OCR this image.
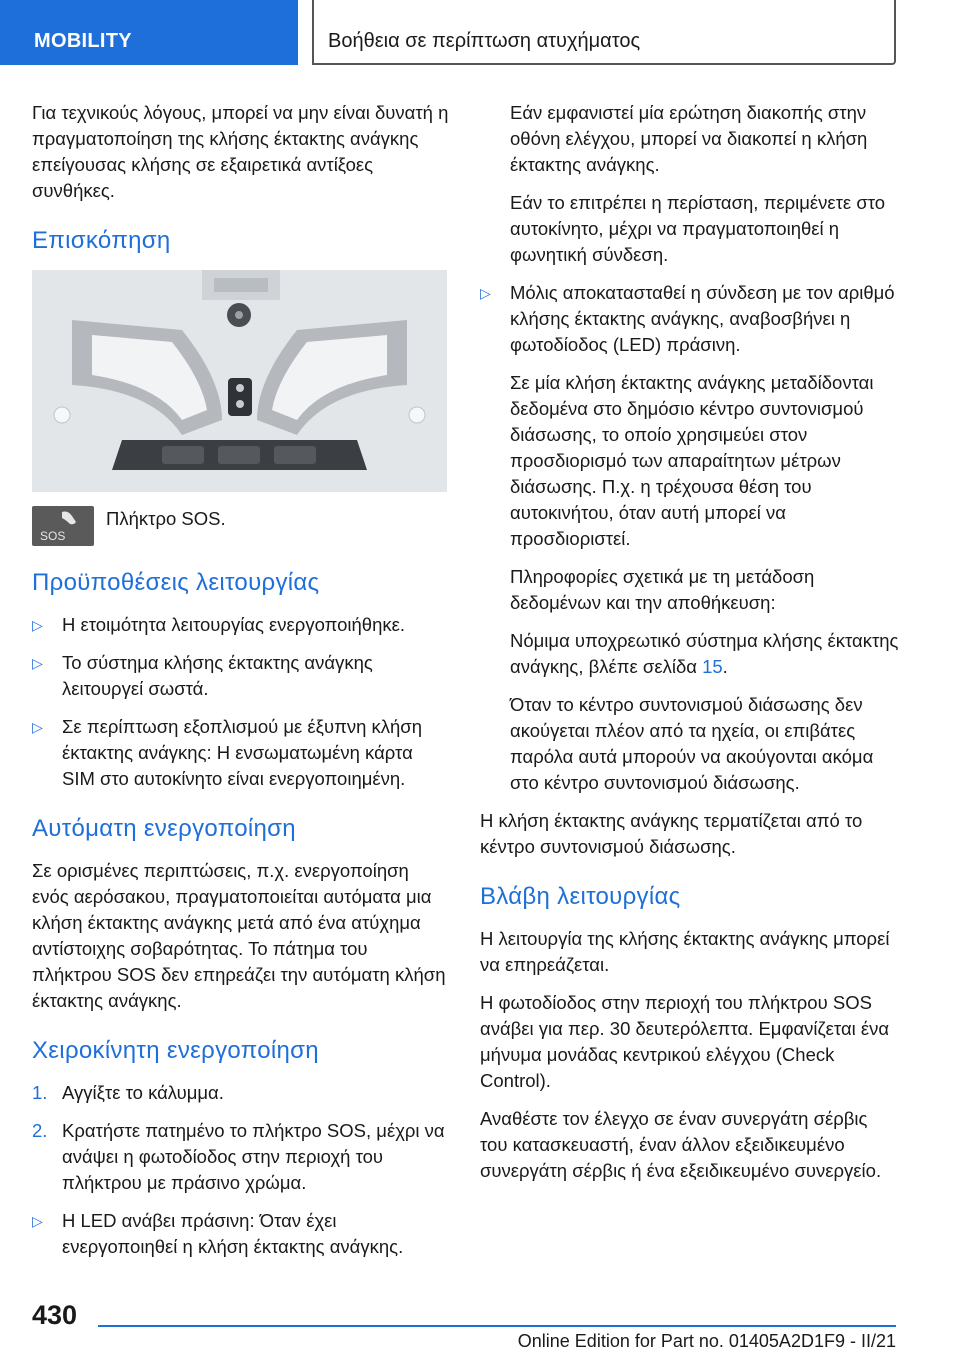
MOBILITY	Βοήθεια σε περίπτωση ατυχήματος

Για τεχνικούς λόγους, μπορεί να μην είναι δυνατή η πραγματοποίηση της κλήσης έκτακτης ανάγκης επείγουσας κλήσης σε εξαιρετικά αντίξοες συνθήκες.

Επισκόπηση
SOS
Πλήκτρο SOS.
Προϋποθέσεις λειτουργίας
▷ Η ετοιμότητα λειτουργίας ενεργοποιήθηκε.
▷ Το σύστημα κλήσης έκτακτης ανάγκης λειτουργεί σωστά.
▷ Σε περίπτωση εξοπλισμού με έξυπνη κλήση έκτακτης ανάγκης: Η ενσωματωμένη κάρτα SIM στο αυτοκίνητο είναι ενεργοποιημένη.
Αυτόματη ενεργοποίηση

Σε ορισμένες περιπτώσεις, π.χ. ενεργοποίηση ενός αερόσακου, πραγματοποιείται αυτόματα μια κλήση έκτακτης ανάγκης μετά από ένα ατύχημα αντίστοιχης σοβαρότητας. Το πάτημα του πλήκτρου SOS δεν επηρεάζει την αυτόματη κλήση έκτακτης ανάγκης.

Χειροκίνητη ενεργοποίηση
1. Αγγίξτε το κάλυμμα.
2. Κρατήστε πατημένο το πλήκτρο SOS, μέχρι να ανάψει η φωτοδίοδος στην περιοχή του πλήκτρου με πράσινο χρώμα.
▷ Η LED ανάβει πράσινη: Όταν έχει ενεργοποιηθεί η κλήση έκτακτης ανάγκης.

Εάν εμφανιστεί μία ερώτηση διακοπής στην οθόνη ελέγχου, μπορεί να διακοπεί η κλήση έκτακτης ανάγκης.

Εάν το επιτρέπει η περίσταση, περιμένετε στο αυτοκίνητο, μέχρι να πραγματοποιηθεί η φωνητική σύνδεση.

▷ Μόλις αποκατασταθεί η σύνδεση με τον αριθμό κλήσης έκτακτης ανάγκης, αναβοσβήνει η φωτοδίοδος (LED) πράσινη.

Σε μία κλήση έκτακτης ανάγκης μεταδίδονται δεδομένα στο δημόσιο κέντρο συντονισμού διάσωσης, το οποίο χρησιμεύει στον προσδιορισμό των απαραίτητων μέτρων διάσωσης. Π.χ. η τρέχουσα θέση του αυτοκινήτου, όταν αυτή μπορεί να προσδιοριστεί.

Πληροφορίες σχετικά με τη μετάδοση δεδομένων και την αποθήκευση:

Νόμιμα υποχρεωτικό σύστημα κλήσης έκτακτης ανάγκης, βλέπε σελίδα 15.

Όταν το κέντρο συντονισμού διάσωσης δεν ακούγεται πλέον από τα ηχεία, οι επιβάτες παρόλα αυτά μπορούν να ακούγονται ακόμα στο κέντρο συντονισμού διάσωσης.

Η κλήση έκτακτης ανάγκης τερματίζεται από το κέντρο συντονισμού διάσωσης.

Βλάβη λειτουργίας

Η λειτουργία της κλήσης έκτακτης ανάγκης μπορεί να επηρεάζεται.

Η φωτοδίοδος στην περιοχή του πλήκτρου SOS ανάβει για περ. 30 δευτερόλεπτα. Εμφανίζεται ένα μήνυμα μονάδας κεντρικού ελέγχου (Check Control).

Αναθέστε τον έλεγχο σε έναν συνεργάτη σέρβις του κατασκευαστή, έναν άλλον εξειδικευμένο συνεργάτη σέρβις ή ένα εξειδικευμένο συνεργείο.

430
Online Edition for Part no. 01405A2D1F9 - II/21
